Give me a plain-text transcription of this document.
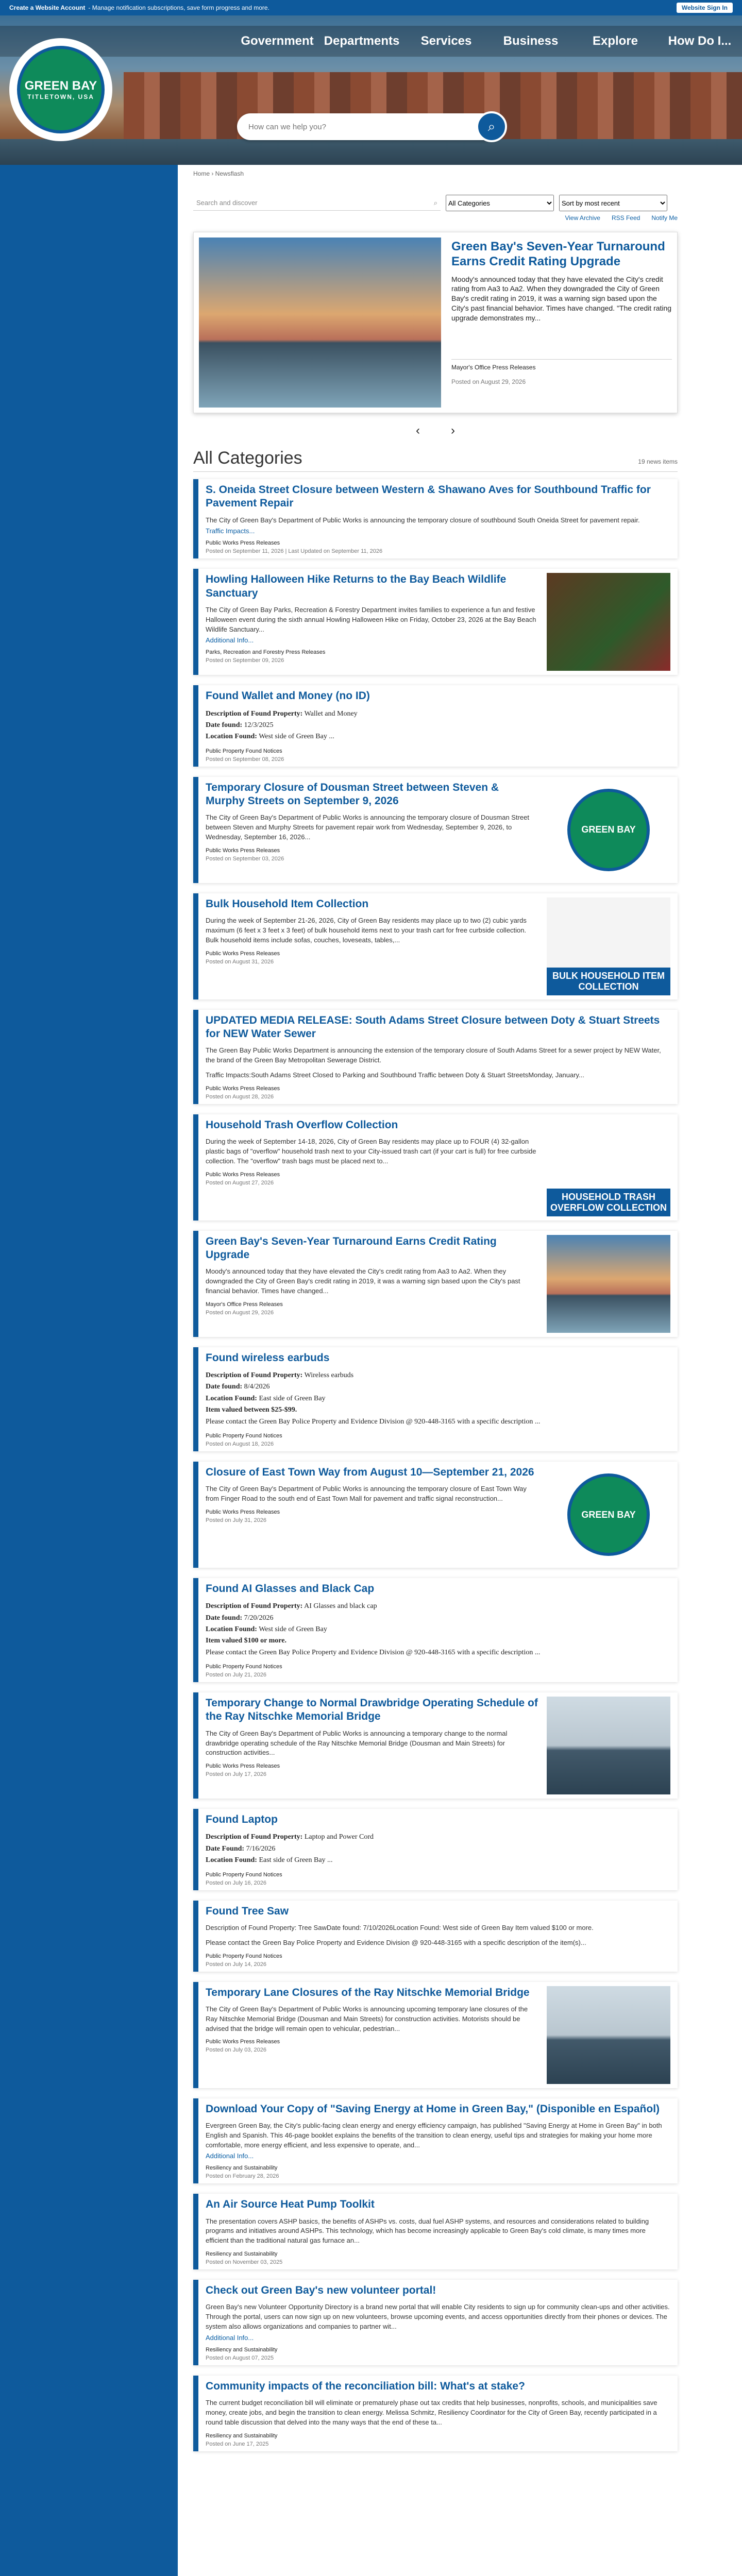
Create a Website Account - Manage notification subscriptions, save form progress and more.	Website Sign In
Government Departments	Services	Business	Explore	How Do I...
GREEN BAY
TITLETOWN, USA
How can we help you?
⌕
Home › Newsflash
Search and discover	⌕
All Categories
Sort by most recent
View Archive RSS Feed Notify Me
Green Bay's Seven-Year Turnaround Earns Credit Rating Upgrade

Moody's announced today that they have elevated the City's credit rating from Aa3 to Aa2. When they downgraded the City of Green Bay's credit rating in 2019, it was a warning sign based upon the City's past financial behavior. Times have changed. "The credit rating upgrade demonstrates my...

Mayor's Office Press Releases
Posted on August 29, 2026
‹	›
All Categories	19 news items
S. Oneida Street Closure between Western & Shawano Aves for Southbound Traffic for Pavement Repair

The City of Green Bay's Department of Public Works is announcing the temporary closure of southbound South Oneida Street for pavement repair.

Traffic Impacts...
Public Works Press Releases
Posted on September 11, 2026 | Last Updated on September 11, 2026
Howling Halloween Hike Returns to the Bay Beach Wildlife Sanctuary

The City of Green Bay Parks, Recreation & Forestry Department invites families to experience a fun and festive Halloween event during the sixth annual Howling Halloween Hike on Friday, October 23, 2026 at the Bay Beach Wildlife Sanctuary...

Additional Info...
Parks, Recreation and Forestry Press Releases
Posted on September 09, 2026
Found Wallet and Money (no ID)
Description of Found Property: Wallet and Money
Date found: 12/3/2025
Location Found: West side of Green Bay ...
Public Property Found Notices
Posted on September 08, 2026
Temporary Closure of Dousman Street between Steven & Murphy Streets on September 9, 2026

The City of Green Bay's Department of Public Works is announcing the temporary closure of Dousman Street between Steven and Murphy Streets for pavement repair work from Wednesday, September 9, 2026, to Wednesday, September 16, 2026...

Public Works Press Releases
Posted on September 03, 2026
GREEN BAY
Bulk Household Item Collection

During the week of September 21-26, 2026, City of Green Bay residents may place up to two (2) cubic yards maximum (6 feet x 3 feet x 3 feet) of bulk household items next to your trash cart for free curbside collection. Bulk household items include sofas, couches, loveseats, tables,...

Public Works Press Releases
Posted on August 31, 2026
BULK HOUSEHOLD ITEM COLLECTION
UPDATED MEDIA RELEASE: South Adams Street Closure between Doty & Stuart Streets for NEW Water Sewer

The Green Bay Public Works Department is announcing the extension of the temporary closure of South Adams Street for a sewer project by NEW Water, the brand of the Green Bay Metropolitan Sewerage District.

Traffic Impacts:South Adams Street Closed to Parking and Southbound Traffic between Doty & Stuart StreetsMonday, January...

Public Works Press Releases
Posted on August 28, 2026
Household Trash Overflow Collection

During the week of September 14-18, 2026, City of Green Bay residents may place up to FOUR (4) 32-gallon plastic bags of "overflow" household trash next to your City-issued trash cart (if your cart is full) for free curbside collection. The "overflow" trash bags must be placed next to...

Public Works Press Releases
Posted on August 27, 2026
HOUSEHOLD TRASH OVERFLOW COLLECTION
Green Bay's Seven-Year Turnaround Earns Credit Rating Upgrade

Moody's announced today that they have elevated the City's credit rating from Aa3 to Aa2. When they downgraded the City of Green Bay's credit rating in 2019, it was a warning sign based upon the City's past financial behavior. Times have changed...

Mayor's Office Press Releases
Posted on August 29, 2026
Found wireless earbuds
Description of Found Property: Wireless earbuds
Date found: 8/4/2026
Location Found: East side of Green Bay
Item valued between $25-$99.
Please contact the Green Bay Police Property and Evidence Division @ 920-448-3165 with a specific description ...
Public Property Found Notices
Posted on August 18, 2026
Closure of East Town Way from August 10—September 21, 2026

The City of Green Bay's Department of Public Works is announcing the temporary closure of East Town Way from Finger Road to the south end of East Town Mall for pavement and traffic signal reconstruction...

Public Works Press Releases
Posted on July 31, 2026
GREEN BAY
Found AI Glasses and Black Cap
Description of Found Property: AI Glasses and black cap
Date found: 7/20/2026
Location Found: West side of Green Bay
Item valued $100 or more.
Please contact the Green Bay Police Property and Evidence Division @ 920-448-3165 with a specific description ...
Public Property Found Notices
Posted on July 21, 2026
Temporary Change to Normal Drawbridge Operating Schedule of the Ray Nitschke Memorial Bridge

The City of Green Bay's Department of Public Works is announcing a temporary change to the normal drawbridge operating schedule of the Ray Nitschke Memorial Bridge (Dousman and Main Streets) for construction activities...

Public Works Press Releases
Posted on July 17, 2026
Found Laptop
Description of Found Property: Laptop and Power Cord
Date Found: 7/16/2026
Location Found: East side of Green Bay ...
Public Property Found Notices
Posted on July 16, 2026
Found Tree Saw

Description of Found Property: Tree SawDate found: 7/10/2026Location Found: West side of Green Bay Item valued $100 or more.

Please contact the Green Bay Police Property and Evidence Division @ 920-448-3165 with a specific description of the item(s)...

Public Property Found Notices
Posted on July 14, 2026
Temporary Lane Closures of the Ray Nitschke Memorial Bridge

The City of Green Bay's Department of Public Works is announcing upcoming temporary lane closures of the Ray Nitschke Memorial Bridge (Dousman and Main Streets) for construction activities. Motorists should be advised that the bridge will remain open to vehicular, pedestrian...

Public Works Press Releases
Posted on July 03, 2026
Download Your Copy of "Saving Energy at Home in Green Bay," (Disponible en Español)

Evergreen Green Bay, the City's public-facing clean energy and energy efficiency campaign, has published "Saving Energy at Home in Green Bay" in both English and Spanish. This 46-page booklet explains the benefits of the transition to clean energy, useful tips and strategies for making your home more comfortable, more energy efficient, and less expensive to operate, and...

Additional Info...
Resiliency and Sustainability
Posted on February 28, 2026
An Air Source Heat Pump Toolkit

The presentation covers ASHP basics, the benefits of ASHPs vs. costs, dual fuel ASHP systems, and resources and considerations related to building programs and initiatives around ASHPs. This technology, which has become increasingly applicable to Green Bay's cold climate, is many times more efficient than the traditional natural gas furnace an...

Resiliency and Sustainability
Posted on November 03, 2025
Check out Green Bay's new volunteer portal!

Green Bay's new Volunteer Opportunity Directory is a brand new portal that will enable City residents to sign up for community clean-ups and other activities. Through the portal, users can now sign up on new volunteers, browse upcoming events, and access opportunities directly from their phones or devices. The system also allows organizations and companies to partner wit...

Additional Info...
Resiliency and Sustainability
Posted on August 07, 2025
Community impacts of the reconciliation bill: What's at stake?

The current budget reconciliation bill will eliminate or prematurely phase out tax credits that help businesses, nonprofits, schools, and municipalities save money, create jobs, and begin the transition to clean energy. Melissa Schmitz, Resiliency Coordinator for the City of Green Bay, recently participated in a round table discussion that delved into the many ways that the end of these ta...

Resiliency and Sustainability
Posted on June 17, 2025
